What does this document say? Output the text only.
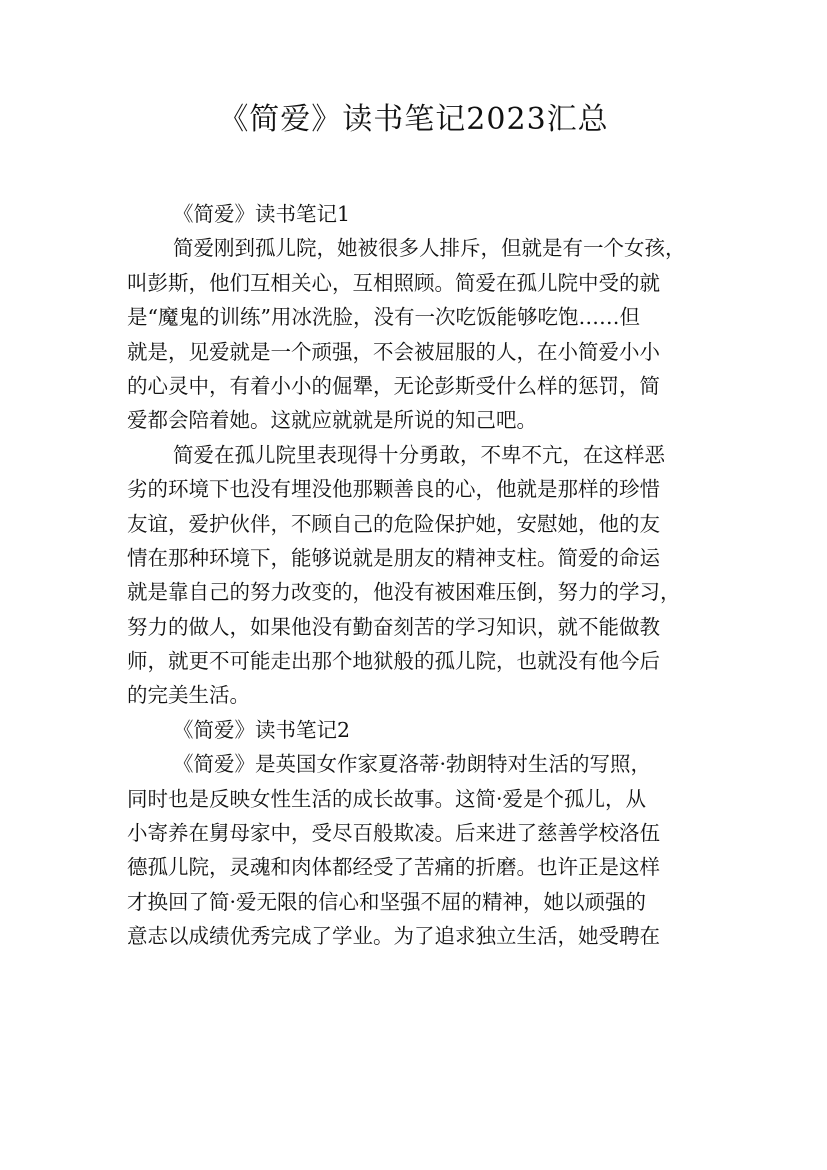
《简爱》读书笔记2023汇总
《简爱》读书笔记1
简爱刚到孤儿院，她被很多人排斥，但就是有一个女孩，
叫彭斯，他们互相关心，互相照顾。简爱在孤儿院中受的就
是“魔鬼的训练”用冰洗脸，没有一次吃饭能够吃饱……但
就是，见爱就是一个顽强，不会被屈服的人，在小简爱小小
的心灵中，有着小小的倔犟，无论彭斯受什么样的惩罚，简
爱都会陪着她。这就应就就是所说的知己吧。
简爱在孤儿院里表现得十分勇敢，不卑不亢，在这样恶
劣的环境下也没有埋没他那颗善良的心，他就是那样的珍惜
友谊，爱护伙伴，不顾自己的危险保护她，安慰她，他的友
情在那种环境下，能够说就是朋友的精神支柱。简爱的命运
就是靠自己的努力改变的，他没有被困难压倒，努力的学习，
努力的做人，如果他没有勤奋刻苦的学习知识，就不能做教
师，就更不可能走出那个地狱般的孤儿院，也就没有他今后
的完美生活。
《简爱》读书笔记2
《简爱》是英国女作家夏洛蒂·勃朗特对生活的写照，
同时也是反映女性生活的成长故事。这简·爱是个孤儿，从
小寄养在舅母家中，受尽百般欺凌。后来进了慈善学校洛伍
德孤儿院，灵魂和肉体都经受了苦痛的折磨。也许正是这样
才换回了简·爱无限的信心和坚强不屈的精神，她以顽强的
意志以成绩优秀完成了学业。为了追求独立生活，她受聘在
